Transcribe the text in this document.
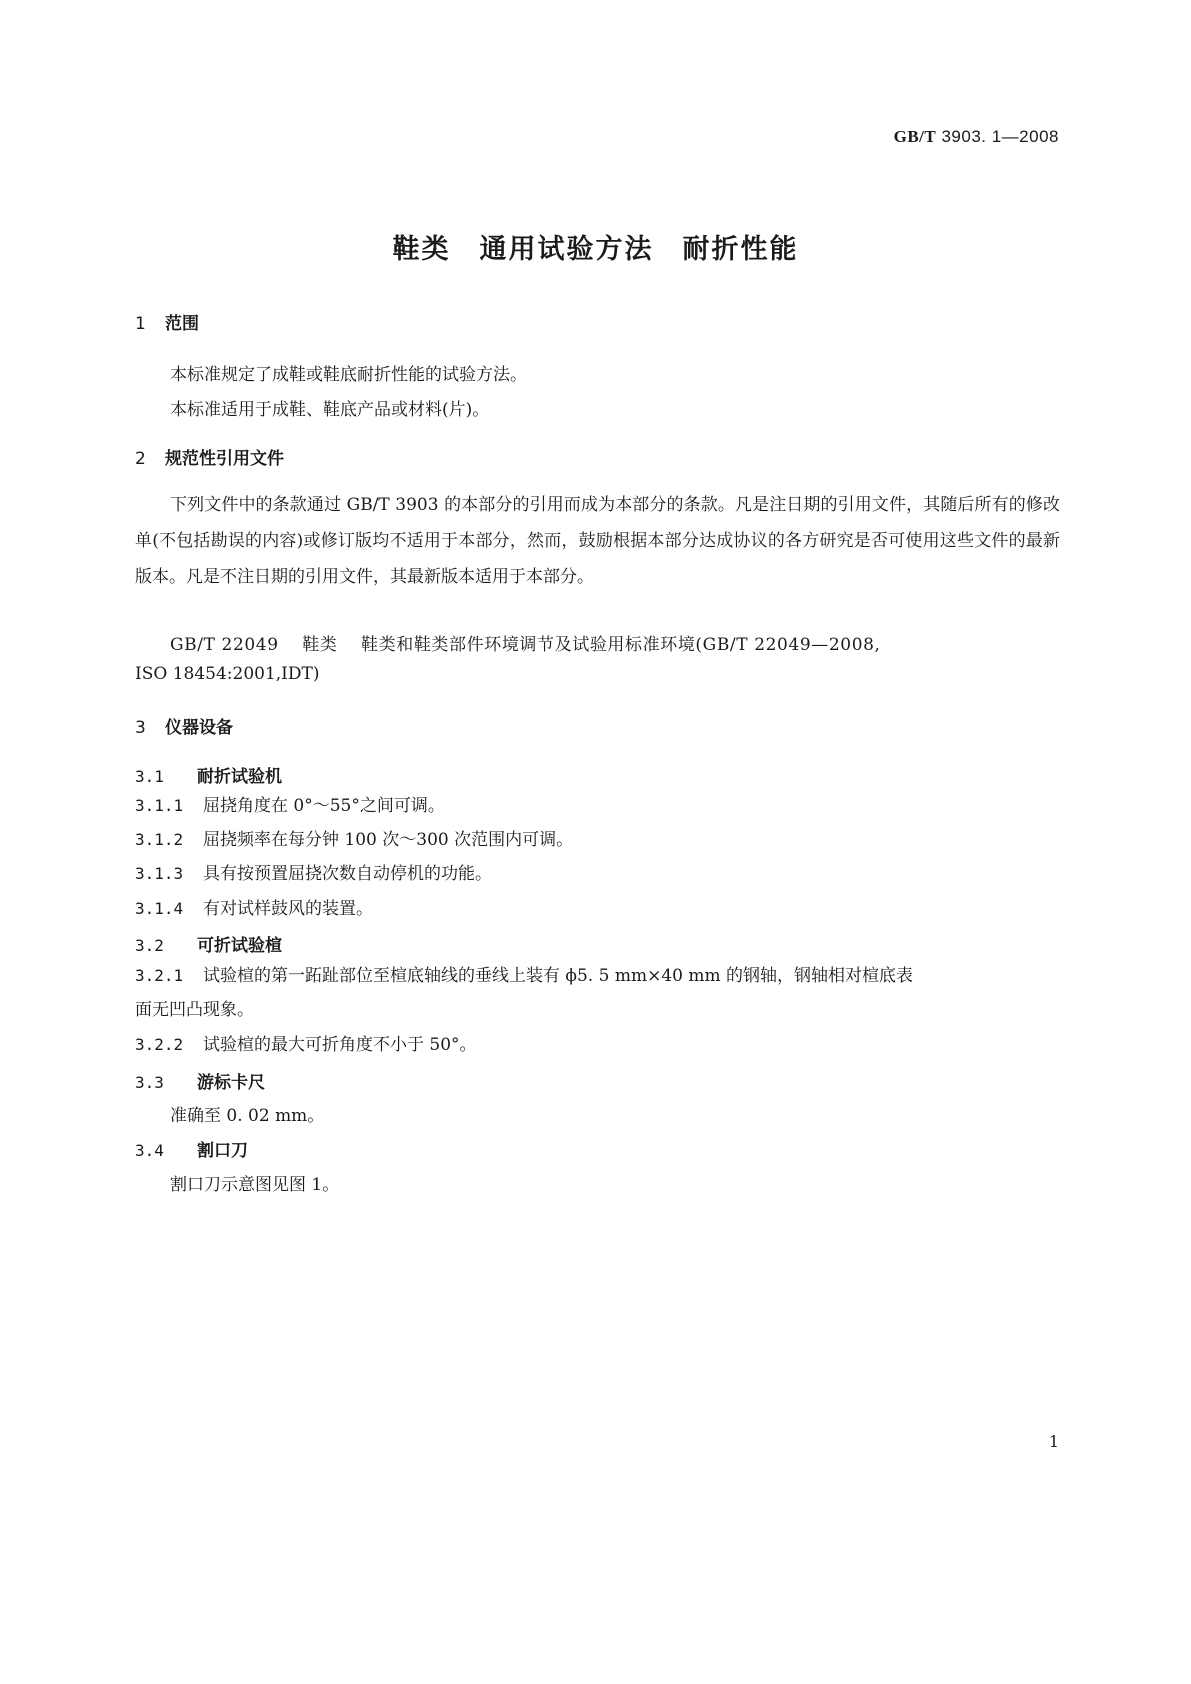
GB/T 3903. 1—2008
鞋类　通用试验方法　耐折性能
1 范围
本标准规定了成鞋或鞋底耐折性能的试验方法。
本标准适用于成鞋、鞋底产品或材料(片)。
2 规范性引用文件
下列文件中的条款通过 GB/T 3903 的本部分的引用而成为本部分的条款。凡是注日期的引用文件，其随后所有的修改单(不包括勘误的内容)或修订版均不适用于本部分，然而，鼓励根据本部分达成协议的各方研究是否可使用这些文件的最新版本。凡是不注日期的引用文件，其最新版本适用于本部分。
GB/T 22049　 鞋类　 鞋类和鞋类部件环境调节及试验用标准环境(GB/T 22049—2008,
ISO 18454:2001,IDT)
3 仪器设备
3.1 耐折试验机
3.1.1 屈挠角度在 0°～55°之间可调。
3.1.2 屈挠频率在每分钟 100 次～300 次范围内可调。
3.1.3 具有按预置屈挠次数自动停机的功能。
3.1.4 有对试样鼓风的装置。
3.2 可折试验楦
3.2.1 试验楦的第一跖趾部位至楦底轴线的垂线上装有 ϕ5. 5 mm×40 mm 的钢轴，钢轴相对楦底表
面无凹凸现象。
3.2.2 试验楦的最大可折角度不小于 50°。
3.3 游标卡尺
准确至 0. 02 mm。
3.4 割口刀
割口刀示意图见图 1。
1
